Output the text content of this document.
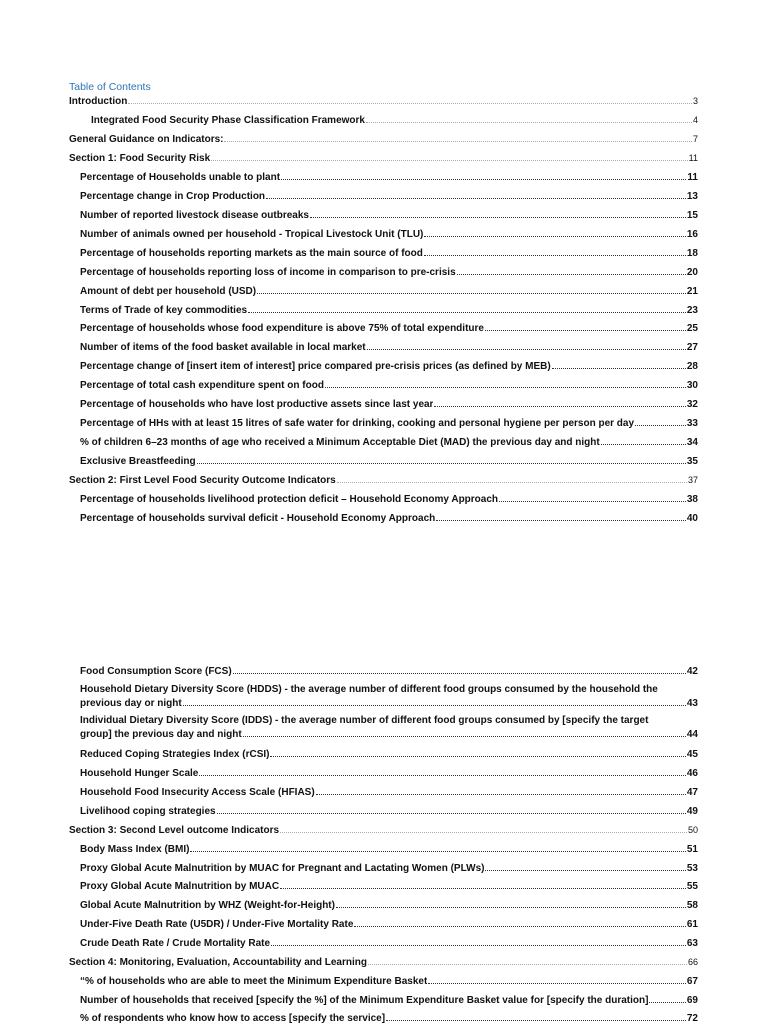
Table of Contents
Introduction	3
Integrated Food Security Phase Classification Framework	4
General Guidance on Indicators:	7
Section 1: Food Security Risk	11
Percentage of Households unable to plant	11
Percentage change in Crop Production	13
Number of reported livestock disease outbreaks	15
Number of animals owned per household - Tropical Livestock Unit (TLU)	16
Percentage of households reporting markets as the main source of food	18
Percentage of households reporting loss of income in comparison to pre-crisis	20
Amount of debt per household (USD)	21
Terms of Trade of key commodities	23
Percentage of households whose food expenditure is above 75% of total expenditure	25
Number of items of the food basket available in local market	27
Percentage change of [insert item of interest] price compared pre-crisis prices (as defined by MEB)	28
Percentage of total cash expenditure spent on food	30
Percentage of households who have lost productive assets since last year	32
Percentage of HHs with at least 15 litres of safe water for drinking, cooking and personal hygiene per person per day	33
% of children 6–23 months of age who received a Minimum Acceptable Diet (MAD) the previous day and night	34
Exclusive Breastfeeding	35
Section 2: First Level Food Security Outcome Indicators	37
Percentage of households livelihood protection deficit – Household Economy Approach	38
Percentage of households survival deficit - Household Economy Approach	40
Food Consumption Score (FCS)	42
Household Dietary Diversity Score (HDDS) - the average number of different food groups consumed by the household the
previous day or night	43
Individual Dietary Diversity Score (IDDS) - the average number of different food groups consumed by [specify the target
group] the previous day and night	44
Reduced Coping Strategies Index (rCSI)	45
Household Hunger Scale	46
Household Food Insecurity Access Scale (HFIAS)	47
Livelihood coping strategies	49
Section 3: Second Level outcome Indicators	50
Body Mass Index (BMI)	51
Proxy Global Acute Malnutrition by MUAC for Pregnant and Lactating Women (PLWs)	53
Proxy Global Acute Malnutrition by MUAC	55
Global Acute Malnutrition by WHZ (Weight-for-Height)	58
Under-Five Death Rate (U5DR) / Under-Five Mortality Rate	61
Crude Death Rate / Crude Mortality Rate	63
Section 4: Monitoring, Evaluation, Accountability and Learning	66
“% of households who are able to meet the Minimum Expenditure Basket	67
Number of households that received [specify the %] of the Minimum Expenditure Basket value for [specify the duration]	69
% of respondents who know how to access [specify the service]	72
